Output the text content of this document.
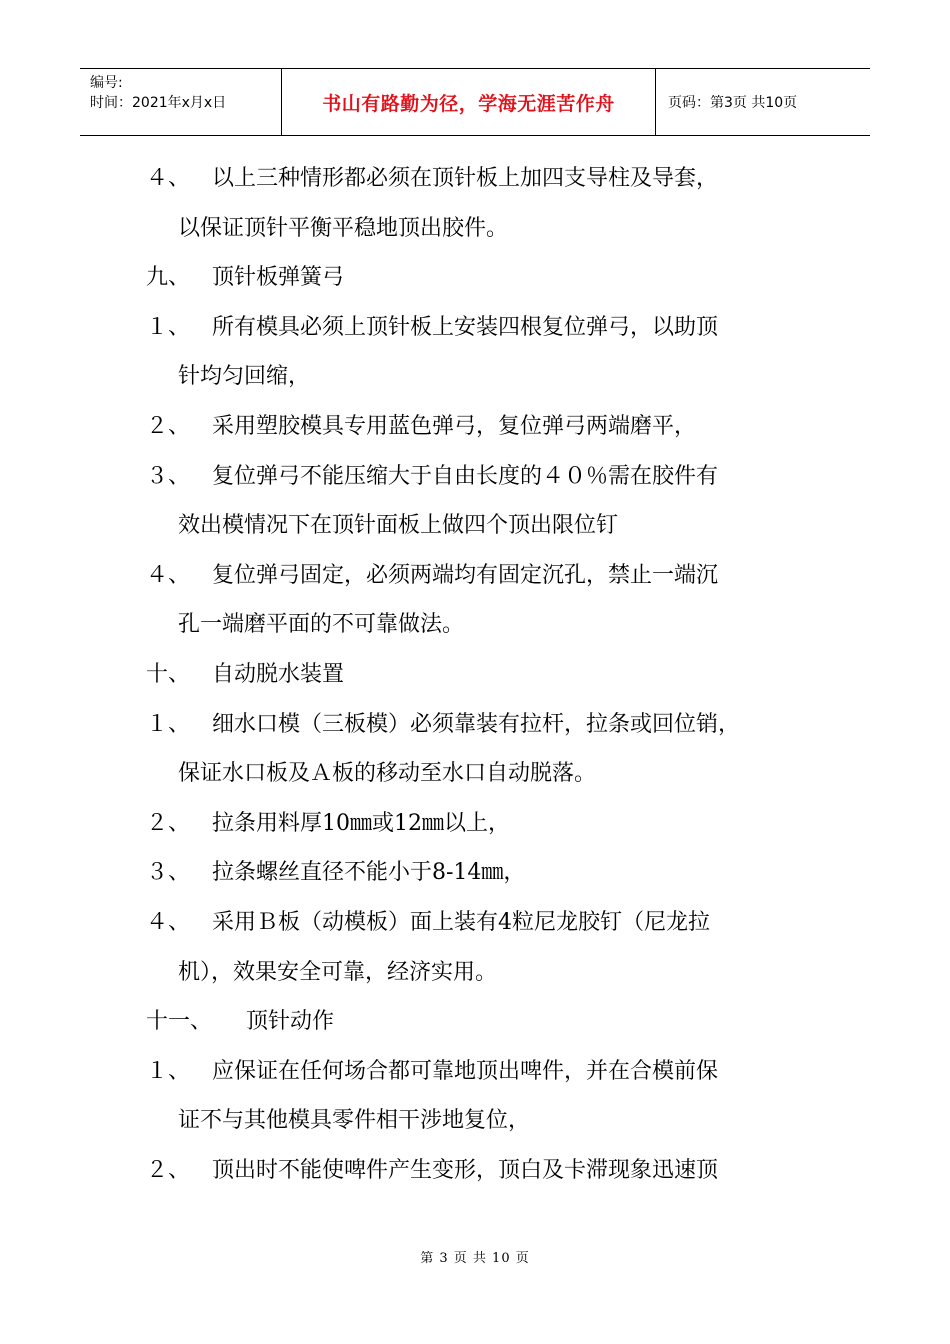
编号:
时间：2021年x月x日	书山有路勤为径，学海无涯苦作舟	页码：第3页 共10页
４、 以上三种情形都必须在顶针板上加四支导柱及导套，
以保证顶针平衡平稳地顶出胶件。
九、 顶针板弹簧弓
１、 所有模具必须上顶针板上安装四根复位弹弓，以助顶
针均匀回缩，
２、 采用塑胶模具专用蓝色弹弓，复位弹弓两端磨平，
３、 复位弹弓不能压缩大于自由长度的４０％需在胶件有
效出模情况下在顶针面板上做四个顶出限位钉
４、 复位弹弓固定，必须两端均有固定沉孔，禁止一端沉
孔一端磨平面的不可靠做法。
十、 自动脱水装置
１、 细水口模（三板模）必须靠装有拉杆，拉条或回位销，
保证水口板及Ａ板的移动至水口自动脱落。
２、 拉条用料厚10㎜或12㎜以上，
３、 拉条螺丝直径不能小于8-14㎜，
４、 采用Ｂ板（动模板）面上装有4粒尼龙胶钉（尼龙拉
机），效果安全可靠，经济实用。
十一、 顶针动作
１、 应保证在任何场合都可靠地顶出啤件，并在合模前保
证不与其他模具零件相干涉地复位，
２、 顶出时不能使啤件产生变形，顶白及卡滞现象迅速顶
第 3 页 共 10 页
